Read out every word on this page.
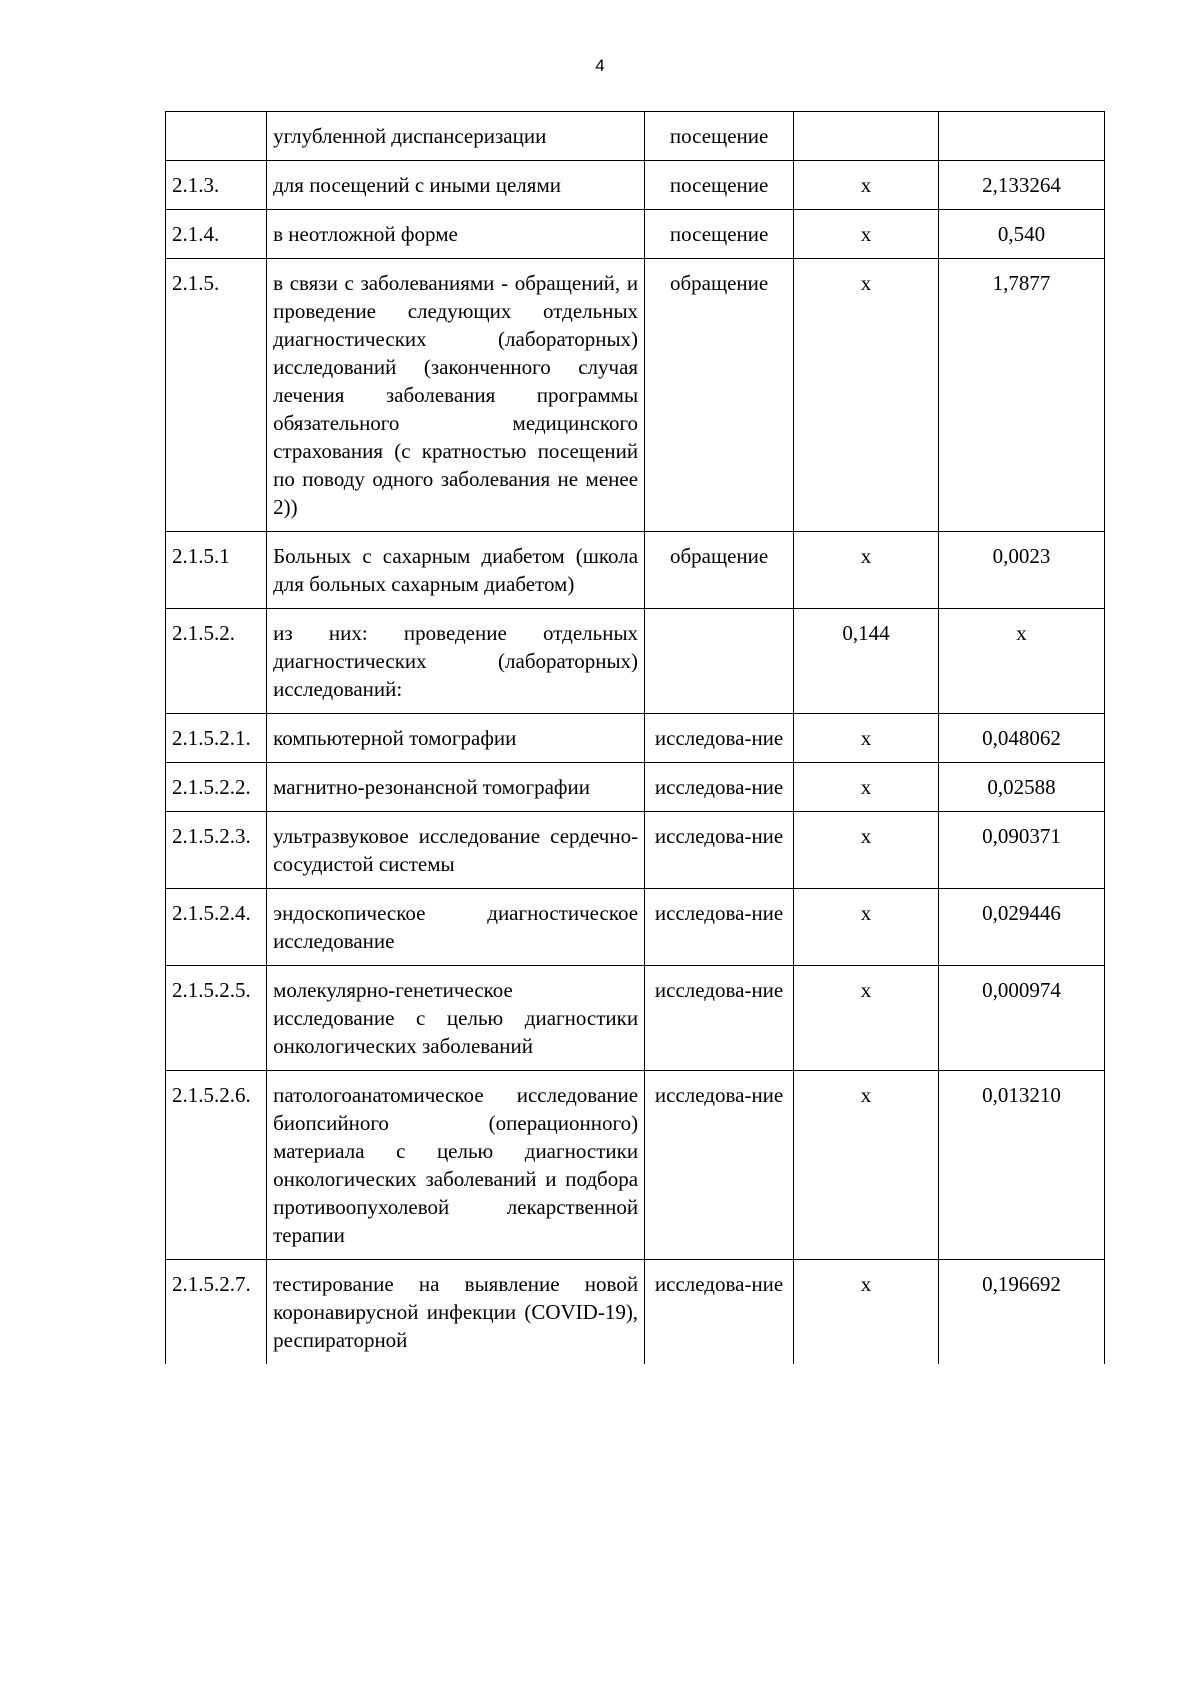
4
	углубленной диспансеризации	посещение		
2.1.3.	для посещений с иными целями	посещение	х	2,133264
2.1.4.	в неотложной форме	посещение	х	0,540
2.1.5.	в связи с заболеваниями - обращений, и проведение следующих отдельных диагностических (лабораторных) исследований (законченного случая лечения заболевания программы обязательного медицинского страхования (с кратностью посещений по поводу одного заболевания не менее 2))	обращение	х	1,7877
2.1.5.1	Больных с сахарным диабетом (школа для больных сахарным диабетом)	обращение	х	0,0023
2.1.5.2.	из них: проведение отдельных диагностических (лабораторных) исследований:		0,144	х
2.1.5.2.1.	компьютерной томографии	исследова-ние	х	0,048062
2.1.5.2.2.	магнитно-резонансной томографии	исследова-ние	х	0,02588
2.1.5.2.3.	ультразвуковое исследование сердечно-сосудистой системы	исследова-ние	х	0,090371
2.1.5.2.4.	эндоскопическое диагностическое исследование	исследова-ние	х	0,029446
2.1.5.2.5.	молекулярно-генетическое исследование с целью диагностики онкологических заболеваний	исследова-ние	х	0,000974
2.1.5.2.6.	патологоанатомическое исследование биопсийного (операционного) материала с целью диагностики онкологических заболеваний и подбора противоопухолевой лекарственной терапии	исследова-ние	х	0,013210
2.1.5.2.7.	тестирование на выявление новой коронавирусной инфекции (COVID-19), респираторной	исследова-ние	х	0,196692
